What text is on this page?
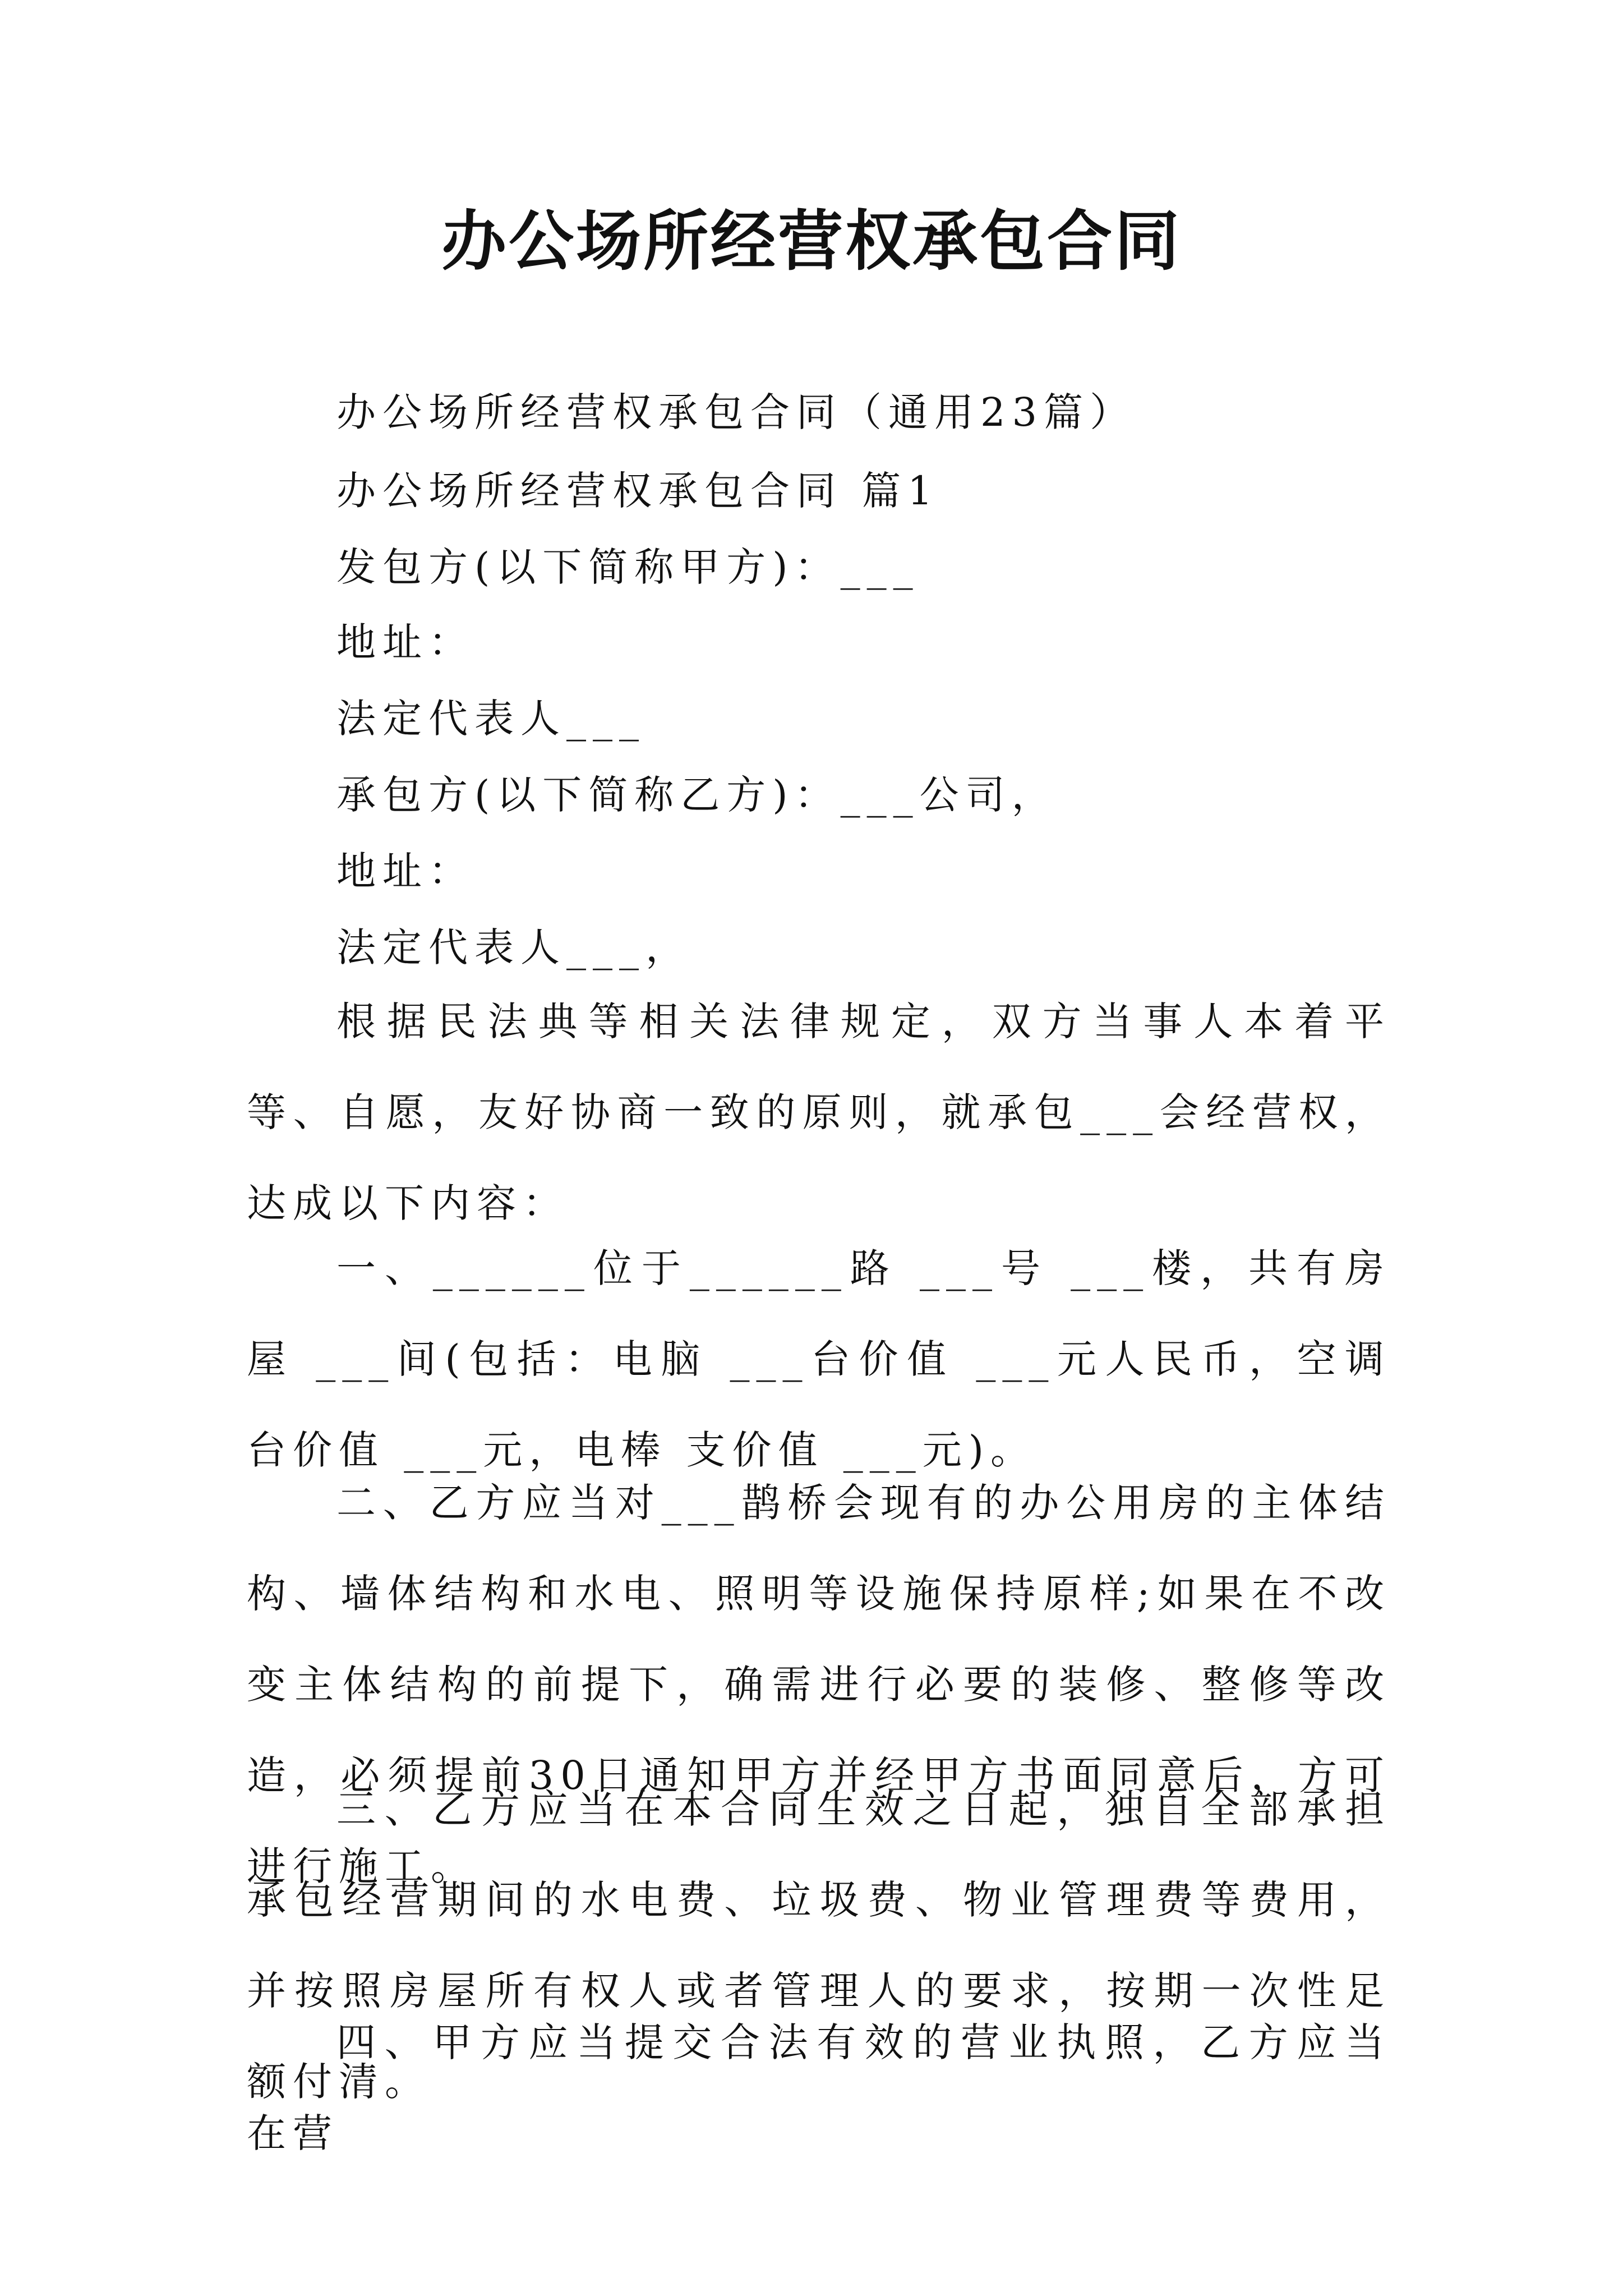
办公场所经营权承包合同

办公场所经营权承包合同（通用23篇）

办公场所经营权承包合同 篇1

发包方(以下简称甲方)：___

地址：

法定代表人___

承包方(以下简称乙方)：___公司，

地址：

法定代表人___，

根据民法典等相关法律规定，双方当事人本着平等、自愿，友好协商一致的原则，就承包___会经营权，达成以下内容：

一、______位于______路 ___号 ___楼，共有房屋 ___间(包括：电脑 ___台价值 ___元人民币，空调台价值 ___元，电棒 支价值 ___元)。

二、乙方应当对___鹊桥会现有的办公用房的主体结构、墙体结构和水电、照明等设施保持原样;如果在不改变主体结构的前提下，确需进行必要的装修、整修等改造，必须提前30日通知甲方并经甲方书面同意后，方可进行施工。

三、乙方应当在本合同生效之日起，独自全部承担承包经营期间的水电费、垃圾费、物业管理费等费用，并按照房屋所有权人或者管理人的要求，按期一次性足额付清。

四、甲方应当提交合法有效的营业执照，乙方应当在营
